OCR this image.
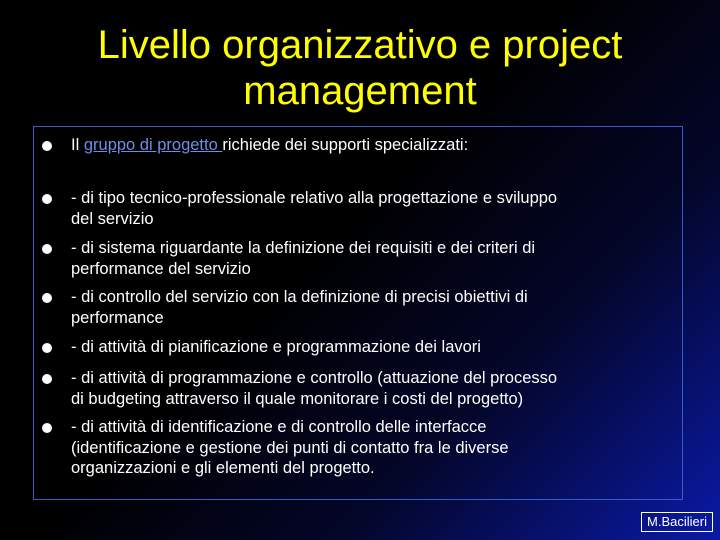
Livello organizzativo e project
management
Il gruppo di progetto richiede dei supporti specializzati:
- di tipo tecnico-professionale relativo alla progettazione e sviluppo
del servizio
- di sistema riguardante la definizione dei requisiti e dei criteri di
performance del servizio
- di controllo del servizio con la definizione di precisi obiettivi di
performance
- di attività di pianificazione e programmazione dei lavori
- di attività di programmazione e controllo (attuazione del processo
di budgeting attraverso il quale monitorare i costi del progetto)
- di attività di identificazione e di controllo delle interfacce
(identificazione e gestione dei punti di contatto fra le diverse
organizzazioni e gli elementi del progetto.
M.Bacilieri
